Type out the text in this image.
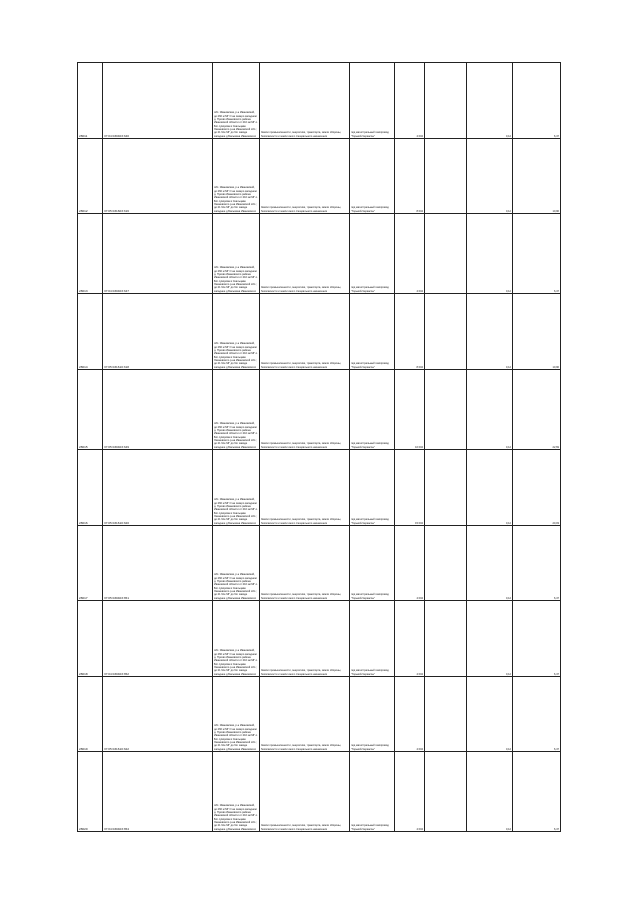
28011	37:04:030403:340	обл. Ивановская, р-н Ивановский, до 260 м МГ О на северо западном д. Пуково Ивановского района Ивановской области от 210 км МГ о. Бог суворова в Скальцаве Лежневского р-на Ивановской обл.; до 21 бле МГ до бог заводе западнее д Балыкина Ивановского	Земли промышленности, энергетики, транспорта, земли обороны, безопасности и земли иного специального назначения	под магистральный газопровод "Горький-Черкассы"	4 004		0,12	6,47
28012	37:05:031603:316	обл. Ивановская, р-н Ивановский, до 260 м МГ О на северо западном д. Пуково Ивановского района Ивановской области от 210 км МГ о. Бог суворова в Скальцаве Лежневского р-на Ивановской обл.; до 21 бле МГ до бог заводе западнее д Балыкина Ивановского	Земли промышленности, энергетики, транспорта, земли обороны, безопасности и земли иного специального назначения	под магистральный газопровод "Горький-Черкассы"	8 004		0,12	10,96
28013	37:04:030403:347	обл. Ивановская, р-н Ивановский, до 260 м МГ О на северо западном д. Пуково Ивановского района Ивановской области от 210 км МГ о. Бог суворова в Скальцаве Лежневского р-на Ивановской обл.; до 21 бле МГ до бог заводе западнее д Балыкина Ивановского	Земли промышленности, энергетики, транспорта, земли обороны, безопасности и земли иного специального назначения	под магистральный газопровод "Горький-Черкассы"	4 004		0,12	6,47
28014	37:05:031610:318	обл. Ивановская, р-н Ивановский, до 260 м МГ О на северо западном д. Пуково Ивановского района Ивановской области от 210 км МГ о. Бог суворова в Скальцаве Лежневского р-на Ивановской обл.; до 21 бле МГ до бог заводе западнее д Балыкина Ивановского	Земли промышленности, энергетики, транспорта, земли обороны, безопасности и земли иного специального назначения	под магистральный газопровод "Горький-Черкассы"	8 004		0,12	10,96
28015	37:05:030403:349	обл. Ивановская, р-н Ивановский, до 260 м МГ О на северо западном д. Пуково Ивановского района Ивановской области от 210 км МГ о. Бог суворова в Скальцаве Лежневского р-на Ивановской обл.; до 21 бле МГ до бог заводе западнее д Балыкина Ивановского	Земли промышленности, энергетики, транспорта, земли обороны, безопасности и земли иного специального назначения	под магистральный газопровод "Горький-Черкассы"	16 004		0,12	22,69
28016	37:05:031610:320	обл. Ивановская, р-н Ивановский, до 260 м МГ О на северо западном д. Пуково Ивановского района Ивановской области от 210 км МГ о. Бог суворова в Скальцаве Лежневского р-на Ивановской обл.; до 21 бле МГ до бог заводе западнее д Балыкина Ивановского	Земли промышленности, энергетики, транспорта, земли обороны, безопасности и земли иного специального назначения	под магистральный газопровод "Горький-Черкассы"	15 004		0,12	20,03
28017	37:05:030403:351	обл. Ивановская, р-н Ивановский, до 260 м МГ О на северо западном д. Пуково Ивановского района Ивановской области от 210 км МГ о. Бог суворова в Скальцаве Лежневского р-на Ивановской обл.; до 21 бле МГ до бог заводе западнее д Балыкина Ивановского	Земли промышленности, энергетики, транспорта, земли обороны, безопасности и земли иного специального назначения	под магистральный газопровод "Горький-Черкассы"	4 004		0,12	6,47
28018	37:04:030403:352	обл. Ивановская, р-н Ивановский, до 260 м МГ О на северо западном д. Пуково Ивановского района Ивановской области от 210 км МГ о. Бог суворова в Скальцаве Лежневского р-на Ивановской обл.; до 21 бле МГ до бог заводе западнее д Балыкина Ивановского	Земли промышленности, энергетики, транспорта, земли обороны, безопасности и земли иного специального назначения	под магистральный газопровод "Горький-Черкассы"	4 004		0,12	6,47
28019	37:05:031610:322	обл. Ивановская, р-н Ивановский, до 260 м МГ О на северо западном д. Пуково Ивановского района Ивановской области от 210 км МГ о. Бог суворова в Скальцаве Лежневского р-на Ивановской обл.; до 21 бле МГ до бог заводе западнее д Балыкина Ивановского	Земли промышленности, энергетики, транспорта, земли обороны, безопасности и земли иного специального назначения	под магистральный газопровод "Горький-Черкассы"	4 004		0,12	6,47
28020	37:04:030403:354	обл. Ивановская, р-н Ивановский, до 260 м МГ О на северо западном д. Пуково Ивановского района Ивановской области от 210 км МГ о. Бог суворова в Скальцаве Лежневского р-на Ивановской обл.; до 21 бле МГ до бог заводе западнее д Балыкина Ивановского	Земли промышленности, энергетики, транспорта, земли обороны, безопасности и земли иного специального назначения	под магистральный газопровод "Горький-Черкассы"	4 004		0,12	6,47
